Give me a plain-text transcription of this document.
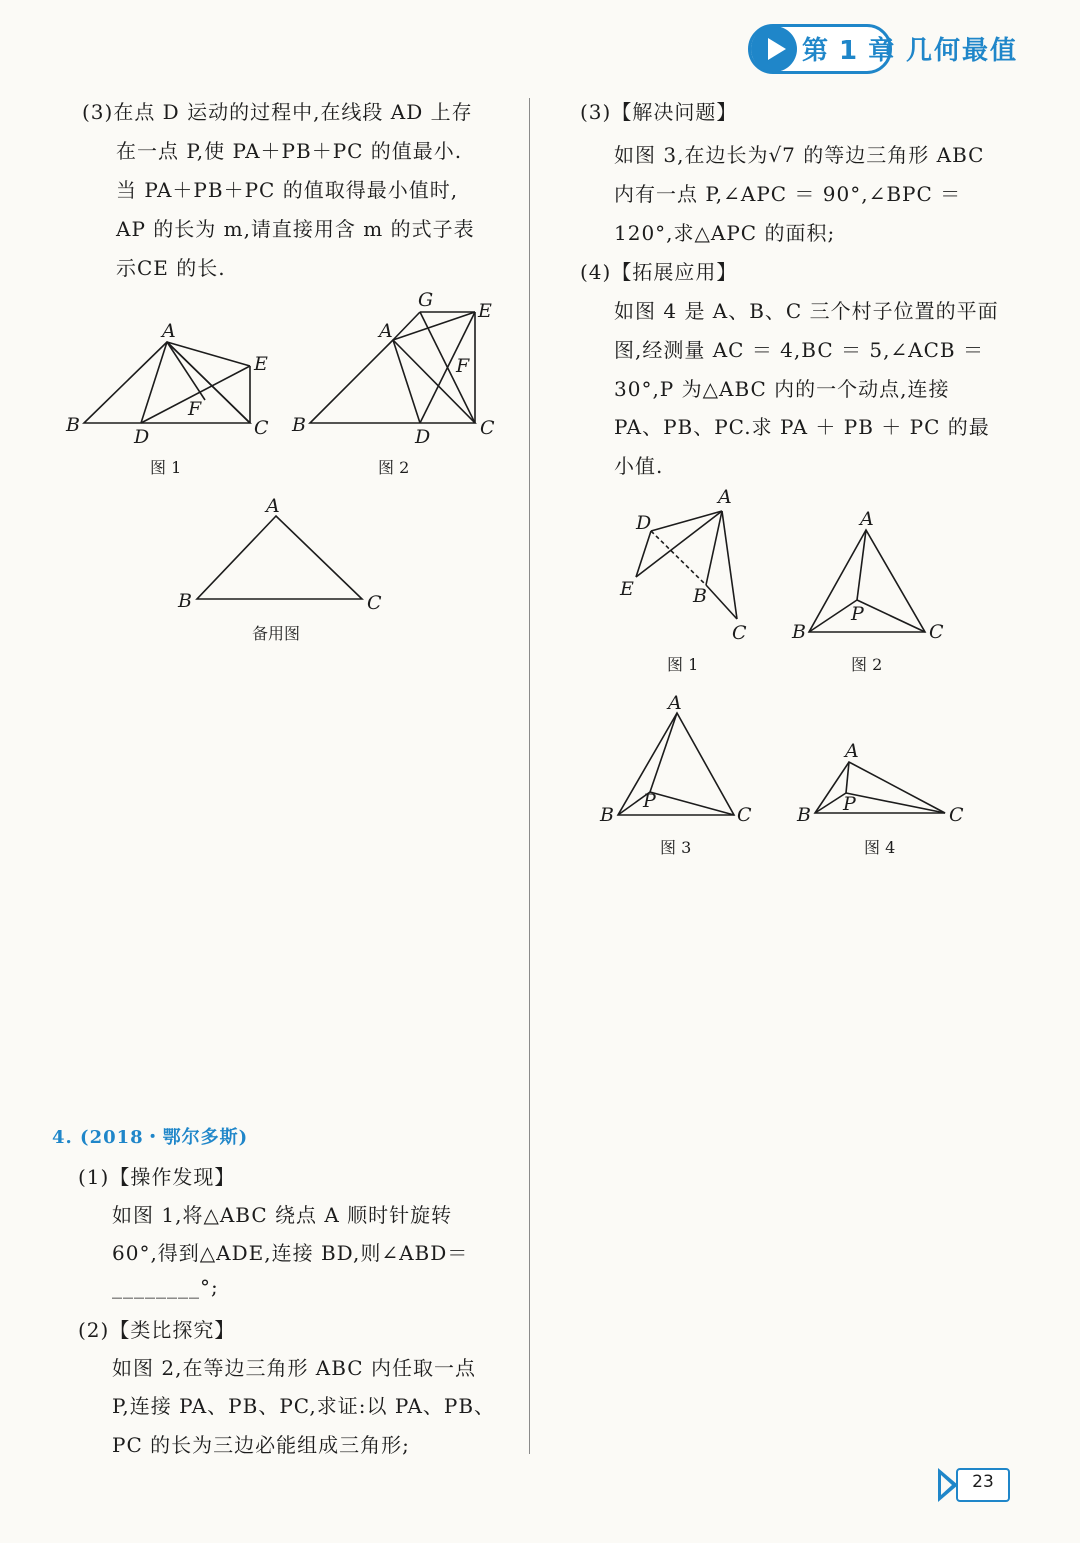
第 1 章 几何最值
(3)在点 D 运动的过程中,在线段 AD 上存
在一点 P,使 PA＋PB＋PC 的值最小.
当 PA＋PB＋PC 的值取得最小值时,
AP 的长为 m,请直接用含 m 的式子表
示CE 的长.
A
B	C
D
E
F
图 1
G
A
E
F
B
D	C
图 2
A
B	C
备用图
4. (2018・鄂尔多斯)
(1)【操作发现】
如图 1,将△ABC 绕点 A 顺时针旋转
60°,得到△ADE,连接 BD,则∠ABD＝
________°;
(2)【类比探究】
如图 2,在等边三角形 ABC 内任取一点
P,连接 PA、PB、PC,求证:以 PA、PB、
PC 的长为三边必能组成三角形;
(3)【解决问题】
如图 3,在边长为√7 的等边三角形 ABC
内有一点 P,∠APC ＝ 90°,∠BPC ＝
120°,求△APC 的面积;
(4)【拓展应用】
如图 4 是 A、B、C 三个村子位置的平面
图,经测量 AC ＝ 4,BC ＝ 5,∠ACB ＝
30°,P 为△ABC 内的一个动点,连接
PA、PB、PC.求 PA ＋ PB ＋ PC 的最
小值.
D
A
E	B
C
图 1
A
P
B	C
图 2
A
P
B	C
图 3
A
P
B	C
图 4
23
